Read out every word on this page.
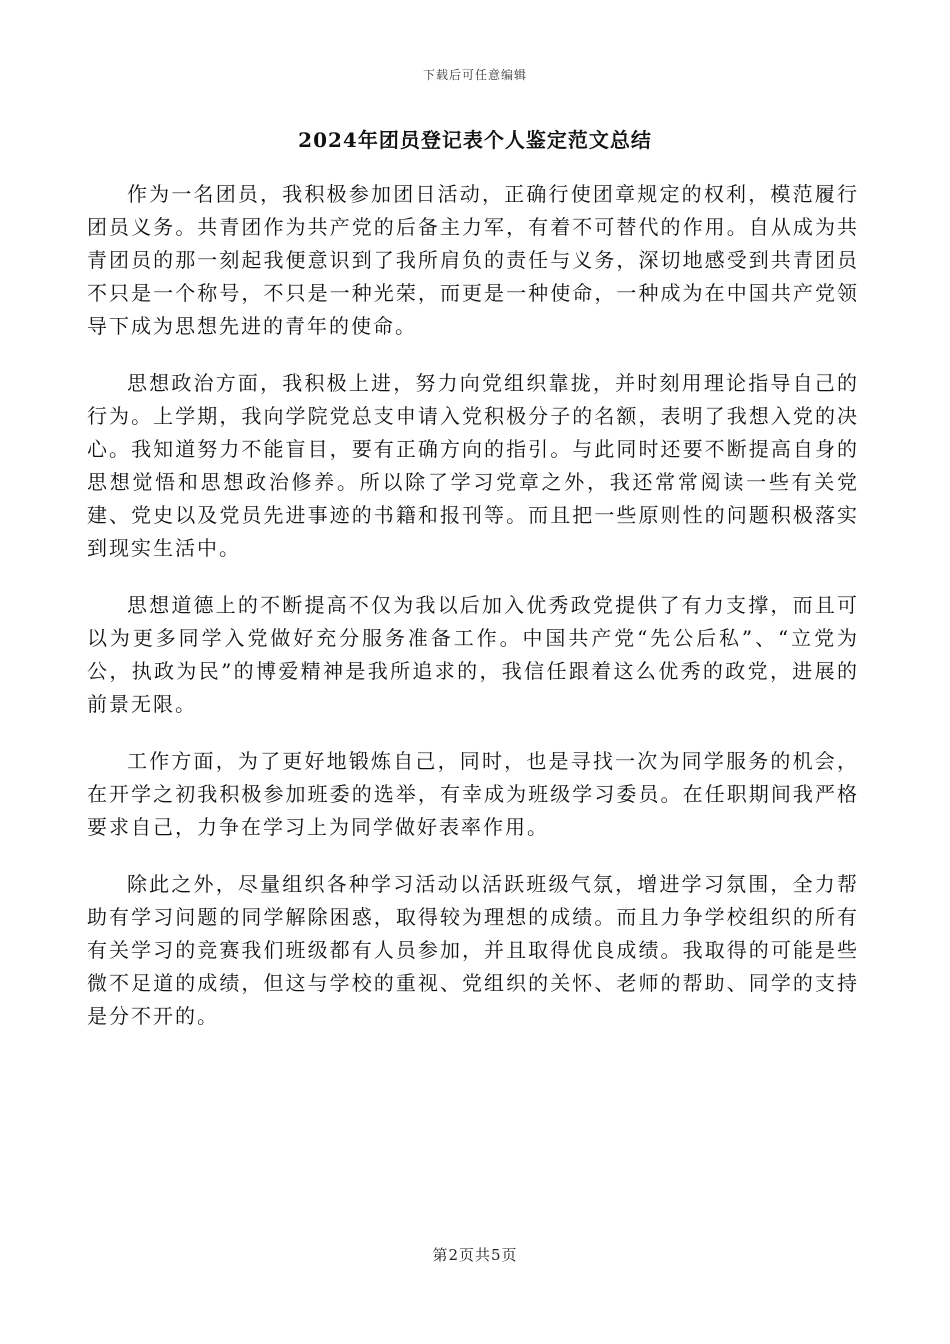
下载后可任意编辑
2024年团员登记表个人鉴定范文总结

作为一名团员，我积极参加团日活动，正确行使团章规定的权利，模范履行团员义务。共青团作为共产党的后备主力军，有着不可替代的作用。自从成为共青团员的那一刻起我便意识到了我所肩负的责任与义务，深切地感受到共青团员不只是一个称号，不只是一种光荣，而更是一种使命，一种成为在中国共产党领导下成为思想先进的青年的使命。

思想政治方面，我积极上进，努力向党组织靠拢，并时刻用理论指导自己的行为。上学期，我向学院党总支申请入党积极分子的名额，表明了我想入党的决心。我知道努力不能盲目，要有正确方向的指引。与此同时还要不断提高自身的思想觉悟和思想政治修养。所以除了学习党章之外，我还常常阅读一些有关党建、党史以及党员先进事迹的书籍和报刊等。而且把一些原则性的问题积极落实到现实生活中。

思想道德上的不断提高不仅为我以后加入优秀政党提供了有力支撑，而且可以为更多同学入党做好充分服务准备工作。中国共产党“先公后私”、“立党为公，执政为民”的博爱精神是我所追求的，我信任跟着这么优秀的政党，进展的前景无限。

工作方面，为了更好地锻炼自己，同时，也是寻找一次为同学服务的机会，在开学之初我积极参加班委的选举，有幸成为班级学习委员。在任职期间我严格要求自己，力争在学习上为同学做好表率作用。

除此之外，尽量组织各种学习活动以活跃班级气氛，增进学习氛围，全力帮助有学习问题的同学解除困惑，取得较为理想的成绩。而且力争学校组织的所有有关学习的竞赛我们班级都有人员参加，并且取得优良成绩。我取得的可能是些微不足道的成绩，但这与学校的重视、党组织的关怀、老师的帮助、同学的支持是分不开的。

第2页共5页
